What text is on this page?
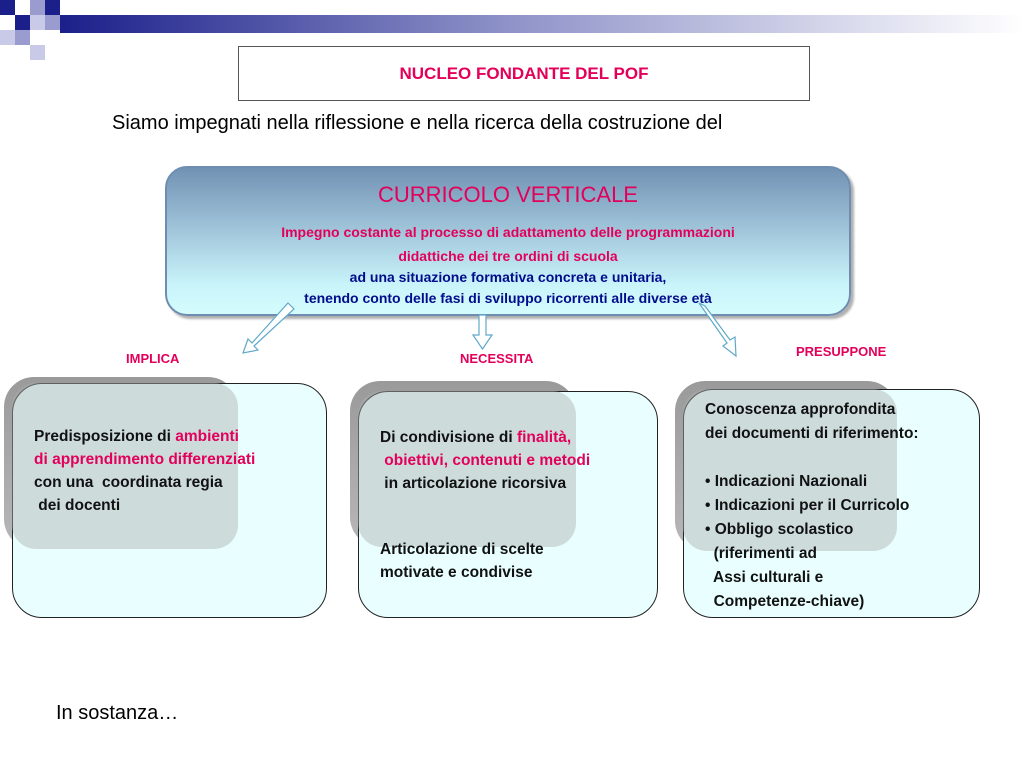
NUCLEO FONDANTE DEL POF
Siamo impegnati nella riflessione e nella ricerca della costruzione del
CURRICOLO VERTICALE
Impegno costante al processo di adattamento delle programmazioni
didattiche dei tre ordini di scuola
ad una situazione formativa concreta e unitaria,
tenendo conto delle fasi di sviluppo ricorrenti alle diverse età
IMPLICA	NECESSITA	PRESUPPONE
Predisposizione di ambienti
di apprendimento differenziati
con una  coordinata regia
dei docenti
Di condivisione di finalità,
obiettivi, contenuti e metodi
in articolazione ricorsiva

Articolazione di scelte
motivate e condivise
Conoscenza approfondita
dei documenti di riferimento:

• Indicazioni Nazionali
• Indicazioni per il Curricolo
• Obbligo scolastico
(riferimenti ad
Assi culturali e
Competenze-chiave)
In sostanza…
